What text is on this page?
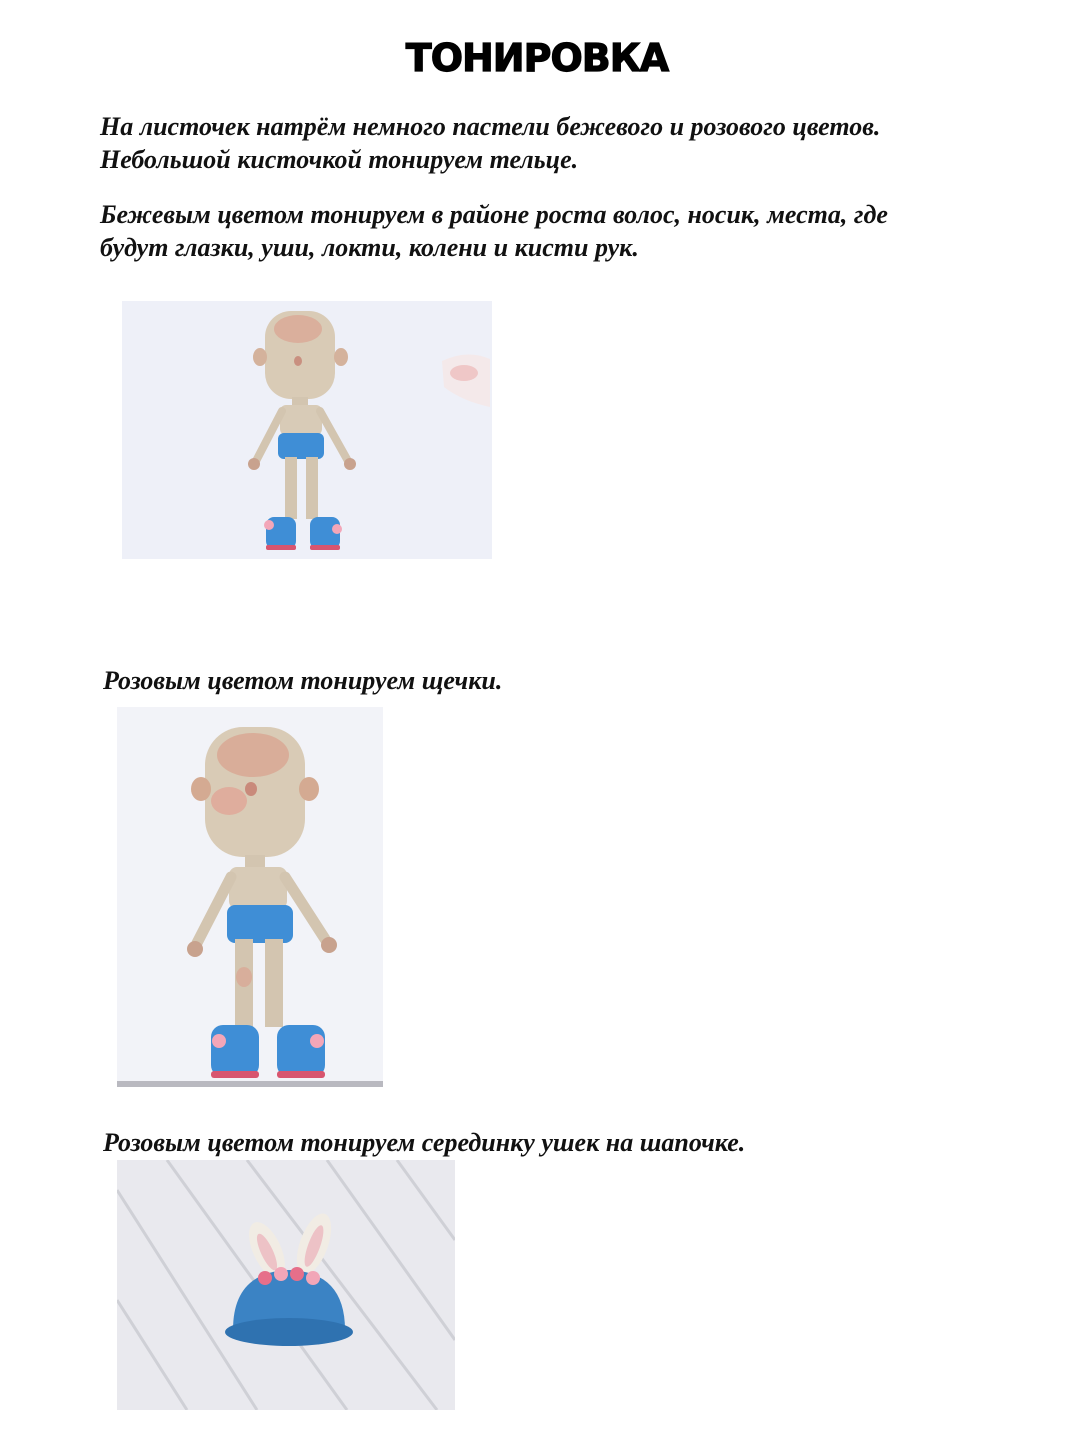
ТОНИРОВКА
На листочек натрём немного пастели бежевого и розового цветов.
Небольшой кисточкой тонируем тельце.
Бежевым цветом тонируем в районе роста волос, носик, места, где
будут глазки, уши, локти, колени и кисти рук.
Розовым цветом тонируем щечки.
Розовым цветом тонируем серединку ушек на шапочке.
